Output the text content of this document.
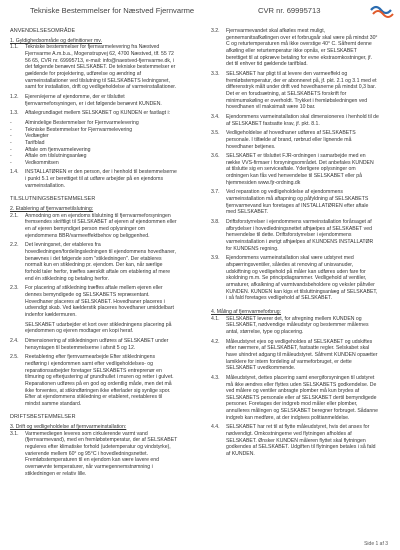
Tekniske Bestemmelser for Næstved Fjernvarme	CVR nr. 69995713
ANVENDELSESOMRÅDE
1. Gyldighedsområde og definitioner mv.
1.1. Tekniske bestemmelser for fjernvarmelevering fra Næstved Fjernvarme A.m.b.a., Mogenstrupvej 62, 4700 Næstved, tlf. 55 72 56 65, CVR nr. 69995713, e-mail: info@naestved-fjernvarme.dk, i det følgende benævnt SELSKABET. De tekniske bestemmelser er gældende for projektering, udførelse og ændring af varmeinstallationer ved tilslutning til SELSKABETS ledningsnet, samt for installation, drift og vedligeholdelse af varmeinstallationer.
1.2. Ejeren/ejerne af ejendomme, der er tilsluttet fjernvarmeforsyningen, er i det følgende benævnt KUNDEN.
1.3. Aftalegrundlaget mellem SELSKABET og KUNDEN er fastlagt i:
-	Almindelige Bestemmelser for Fjernvarmelevering
-	Tekniske Bestemmelser for Fjernvarmelevering
-	Vedtægter
-	Tarifblad
-	Aftale om fjernvarmelevering
-	Aftale om tilslutningsanlæg
-	Vedkommitsen
1.4. INSTALLATØREN er den person, der i henhold til bestemmelserne i punkt 5.1 er berettiget til at udføre arbejder på en ejendoms varmeinstallation.
TILSLUTNINGSBESTEMMELSER
2. Etablering af fjernvarmetilslutning:
2.1. Anmodning om en ejendoms tilslutning til fjernvarmeforsyningen fremsendes skriftligt til SELSKABET af ejeren af ejendommen eller en af ejeren bemyndiget person med oplysninger om ejendommens BBR/varmeeffektbehov og beliggenhed.
2.2. Det levningsnet, der etableres fra hovedledningen/fordelingsledningen til ejendommens hovedhaner, benævnes i det følgende som "stikledningen". Der etableres normalt kun en stikledning pr. ejendom. Der kan, når særlige forhold taler herfor, træffes særskilt aftale om etablering af mere end én stikledning og betaling herfor.
2.3. For placering af stikledning træffes aftale mellem ejeren eller dennes bemyndigede og SELSKABETS repræsentant. Hovedhaner placeres af SELSKABET. Hovedhaner placeres i udvendigt skab. Ved kælderstik placeres hovedhaner umiddelbart indenfor kældermuren.
SELSKABET udarbejder et kort over stikledningens placering på ejendommen og ejeren modtager en kopi heraf.
2.4. Dimensionering af stikledningen udføres af SELSKABET under hensyntagen til bestemmelserne i afsnit 5 og 12.
2.5. Reetablering efter fjernvarmearbejde Efter stikledningens nedføring i ejendommen samt efter vedligeholdelses- og reparationsarbejder foretager SELSKABETS entreprenør en tilmuring og efterjustering af grundhullet i muren og retter i gulvet. Reparationen udføres på en god og ordentlig måde, men det må ikke forventes, at stikindføringen ikke efterlader sig synlige spor. Efter at ejendommens stikledning er etableret, reetableres til mindst samme standard.
DRIFTSBESTEMMELSER
3. Drift og vedligeholdelse af fjernvarmeinstallation:
3.1. Varmemediegen leveres som cirkulerende varmt vand (fjernvarmevand), med en fremløbstemperatur, der af SELSKABET reguleres efter klimatiske forhold (udetemperatur og vindstyrke), varierende mellem 60° og 95°C i hovedledningsnettet. Fremløbstemperaturen til en ejendom kan være lavere end overnævnte temperaturer, når varmegennemstrømning i stikledningen er relativ lille.
3.2. Fjernvarmevandet skal afkøles mest muligt, gennemsnitsafkølingen over et forbrugsår skal være på mindst 30° C og returtemperaturen må ikke overstige 40° C. Såfremt denne afkøling eller returtemperatur ikke opnås, er SELSKABET berettiget til at opkræve betaling for evne ekstraomkostninger, jf. det til enhver tid gældende tarifblad.
3.3. SELSKABET har pligt til at levere den varmeeffekt og fremløbstemperatur, der er abonneret på, jf. pkt. 2.1 og 3.1 med et differenstryk målt under drift ved hovedhanerne på mindst 0,3 bar. Det er en forudsætning, at SELSKABETS forskrift for minimumskøling er overholdt. Trykket i fremløbsledningen ved hovedhanen vil maksimalt være 10 bar.
3.4. Ejendommens varmeinstallation skal dimensioneres i henhold til de af SELSKABET fastsatte krav, jf. pkt. 8.1.
3.5. Vedligeholdelse af hovedhaner udføres af SELSKABETS personale. I tilfælde af brand, rørbrud eller lignende må hovedhaner betjenes.
3.6. SELSKABET er tilsluttet FJR-ordningen i samarbejde med en række VVS-firmaer i forsyningsområdet. Det anbefales KUNDEN at tilslutte sig en serviceaftale. Yderligere oplysninger om ordningen kan fås ved henvendelse til SELSKABET eller på hjemmesiden www.fjr-ordning.dk
3.7. Ved reparation og vedligeholdelse af ejendommens varmeinstallation må aftapning og påfyldning af SELSKABETS fjernvarmevand kun foretages af INSTALLATØREN efter aftale med SELSKABET.
3.8. Driftsforstyrrelser i ejendommens varmeinstallation forårsaget af afbrydelser i hovedledningsnettet afhjælpes af SELSKABET ved henvendelse til dette. Driftsforstyrrelser i ejendommens varmeinstallation i øvrigt afhjælpes af KUNDENS INSTALLATØR for KUNDENS regning.
3.9. Ejendommens varmeinstallation skal være udstyret med afspærringsventiler, således at renoving af unisvanuder, udskiftning og vedligehold på måler kan udføres uden fare for skoldning m.m. Se principdiagrammer. Vedligehold af ventiler, armaturer, afkalkning af varmtvandsbeholdere og veksler påhviler KUNDEN. KUNDEN kan kigs et tilsluttningsanlæg af SELSKABET, i så fald foretages vedligehold af SELSKABET.
4. Måling af fjernvarmeforbrug:
4.1. SELSKABET leverer det, for afregning mellem KUNDEN og SELSKABET, nødvendige måleudstyr og bestemmer målernes antal, størrelse, type og placering.
4.2. Måleudstyret ejes og vedligeholdes af SELSKABET og udskiftes efter nærmere, af SELSKABET, fastsatte regler. Selskabet skal have uhindret adgang til måleudstyret. Såfremt KUNDEN opsætter lamiklere for intern fordeling af varmeforbruget, er dette SELSKABET uvedkommende.
4.3. Måleudstyret, dettes placering samt energiforsyningen til udstyret må ikke ændres eller flyttes uden SELSKABETS godkendelse. De ved målere og ventiler anbragte plomber må kun brydes af SELSKABETS personale eller af SELSKABET dertil bemyndigede personer. Foretages der indgreb mod måler eller plomber, annulleres målingen og SELSKABET beregner forbruget. Sådanne indgreb kan medføre, at der indgives politianmeldelse.
4.4. SELSKABET har ret til at flytte måleudstyret, hvis det anses for nødvendigt. Omkostningerne ved flytningen afholdes af SELSKABET. Ønsker KUNDEN måleren flyttet skal flytningen godkendes af SELSKABET. Udgiften til flytningen betales i så fald af KUNDEN.
Side 1 af 3
